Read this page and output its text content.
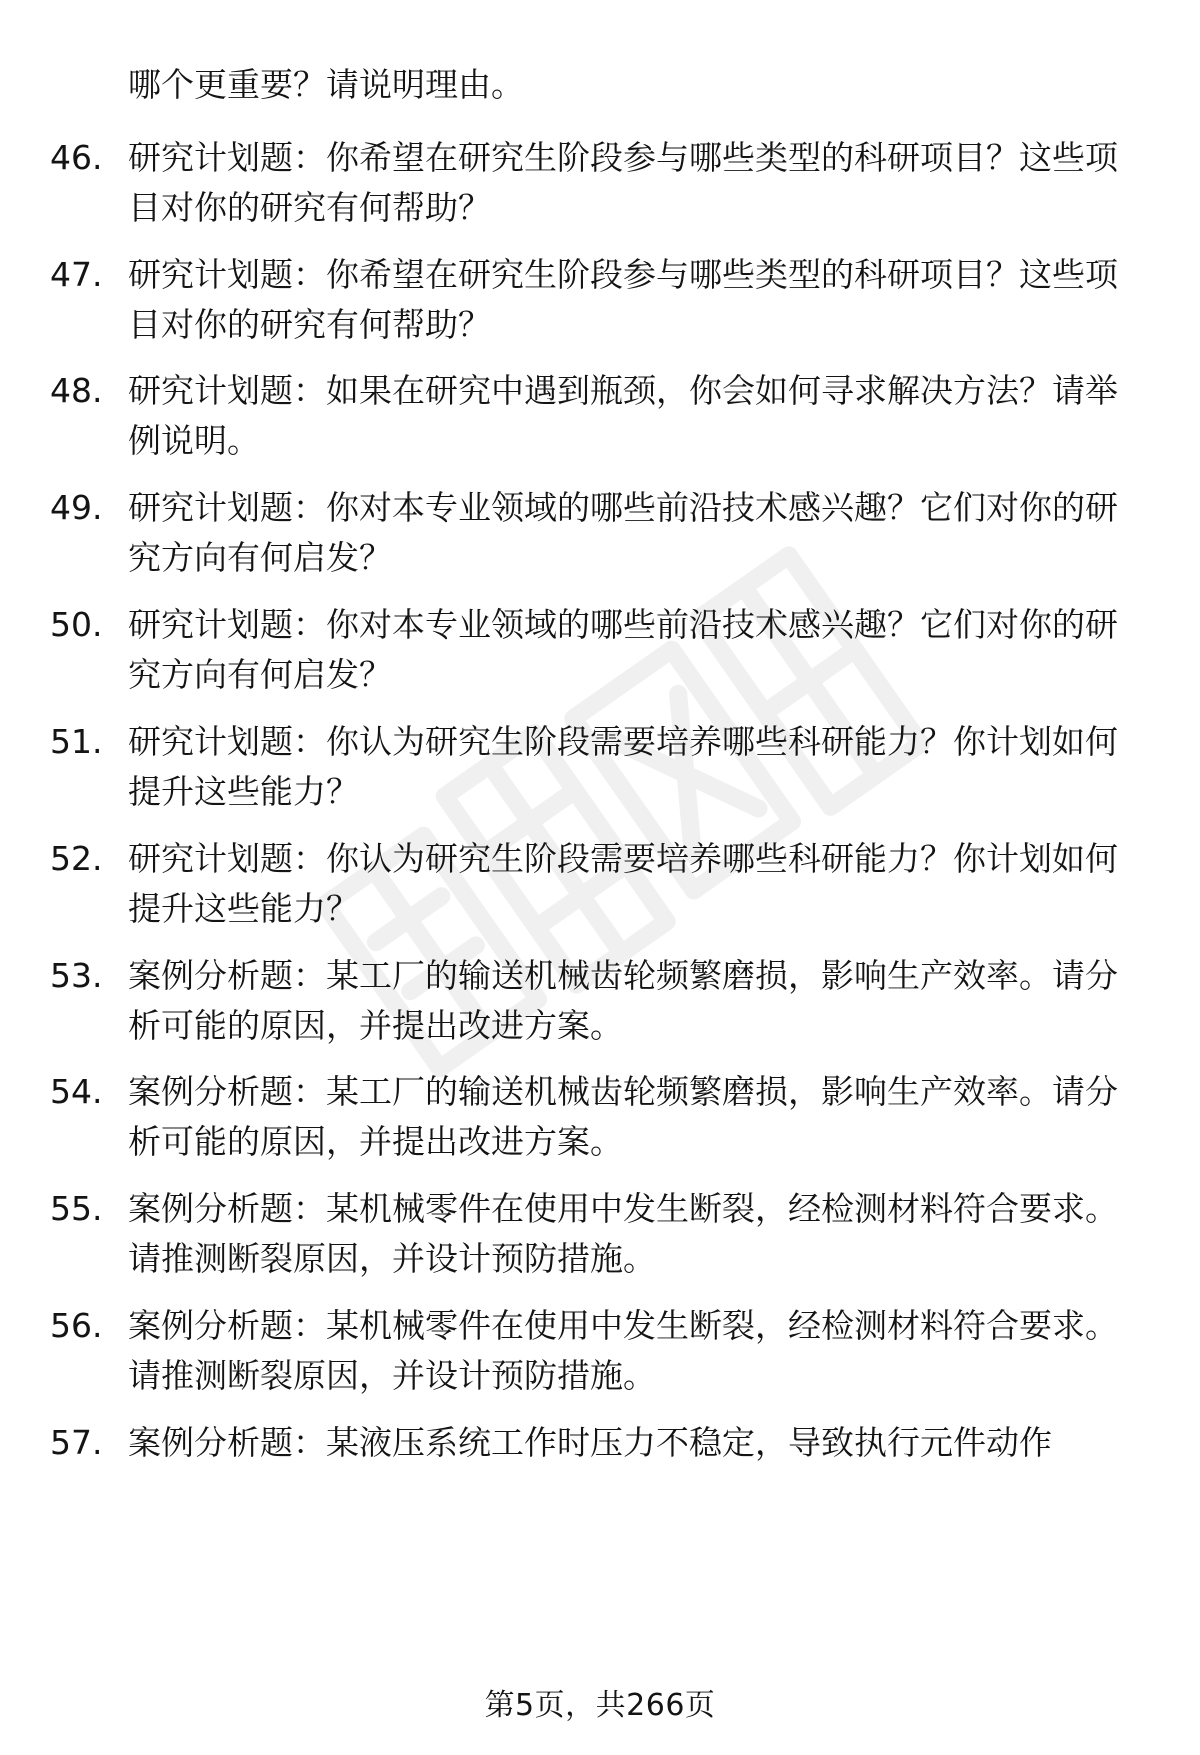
哪个更重要？请说明理由。
46. 研究计划题：你希望在研究生阶段参与哪些类型的科研项目？这些项目对你的研究有何帮助？
47. 研究计划题：你希望在研究生阶段参与哪些类型的科研项目？这些项目对你的研究有何帮助？
48. 研究计划题：如果在研究中遇到瓶颈，你会如何寻求解决方法？请举例说明。
49. 研究计划题：你对本专业领域的哪些前沿技术感兴趣？它们对你的研究方向有何启发？
50. 研究计划题：你对本专业领域的哪些前沿技术感兴趣？它们对你的研究方向有何启发？
51. 研究计划题：你认为研究生阶段需要培养哪些科研能力？你计划如何提升这些能力？
52. 研究计划题：你认为研究生阶段需要培养哪些科研能力？你计划如何提升这些能力？
53. 案例分析题：某工厂的输送机械齿轮频繁磨损，影响生产效率。请分析可能的原因，并提出改进方案。
54. 案例分析题：某工厂的输送机械齿轮频繁磨损，影响生产效率。请分析可能的原因，并提出改进方案。
55. 案例分析题：某机械零件在使用中发生断裂，经检测材料符合要求。请推测断裂原因，并设计预防措施。
56. 案例分析题：某机械零件在使用中发生断裂，经检测材料符合要求。请推测断裂原因，并设计预防措施。
57. 案例分析题：某液压系统工作时压力不稳定，导致执行元件动作
第5页，共266页
